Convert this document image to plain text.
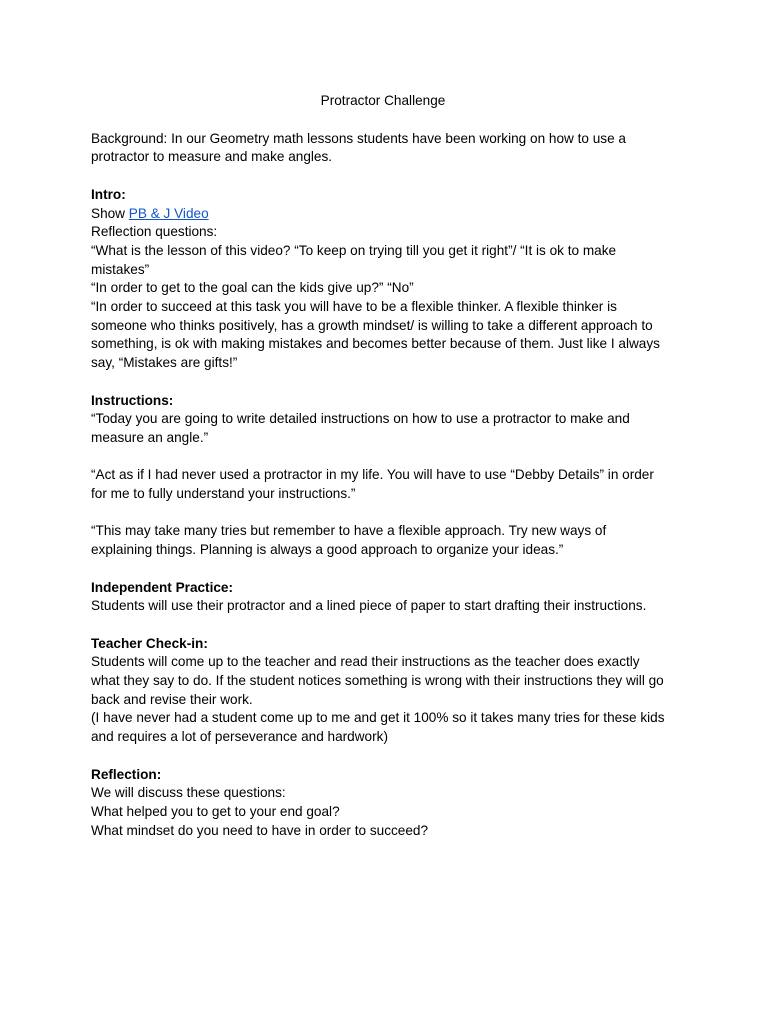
Protractor Challenge

Background: In our Geometry math lessons students have been working on how to use a

protractor to measure and make angles.

Intro:

Show PB & J Video

Reflection questions:

“What is the lesson of this video? “To keep on trying till you get it right”/ “It is ok to make

mistakes”

“In order to get to the goal can the kids give up?” “No”

“In order to succeed at this task you will have to be a flexible thinker. A flexible thinker is

someone who thinks positively, has a growth mindset/ is willing to take a different approach to

something, is ok with making mistakes and becomes better because of them. Just like I always

say, “Mistakes are gifts!”

Instructions:

“Today you are going to write detailed instructions on how to use a protractor to make and

measure an angle.”

“Act as if I had never used a protractor in my life. You will have to use “Debby Details” in order

for me to fully understand your instructions.”

“This may take many tries but remember to have a flexible approach. Try new ways of

explaining things. Planning is always a good approach to organize your ideas.”

Independent Practice:

Students will use their protractor and a lined piece of paper to start drafting their instructions.

Teacher Check-in:

Students will come up to the teacher and read their instructions as the teacher does exactly

what they say to do. If the student notices something is wrong with their instructions they will go

back and revise their work.

(I have never had a student come up to me and get it 100% so it takes many tries for these kids

and requires a lot of perseverance and hardwork)

Reflection:

We will discuss these questions:

What helped you to get to your end goal?

What mindset do you need to have in order to succeed?
